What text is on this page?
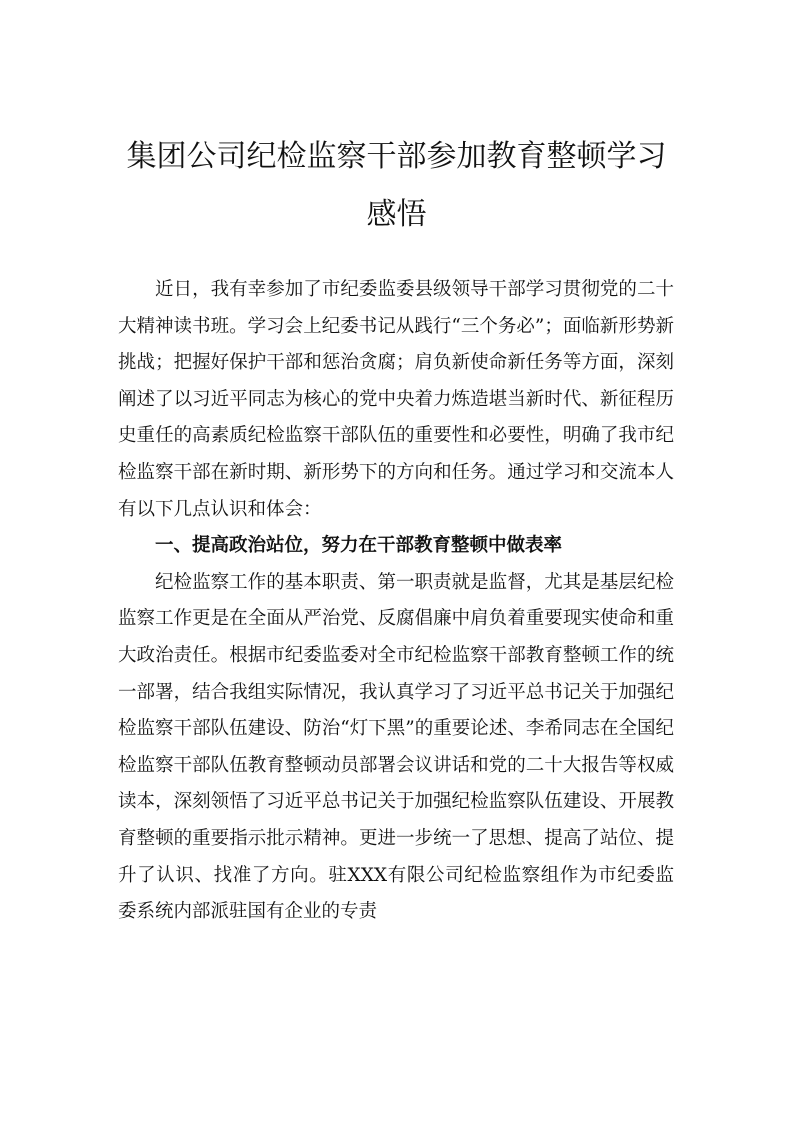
集团公司纪检监察干部参加教育整顿学习
感悟

近日，我有幸参加了市纪委监委县级领导干部学习贯彻党的二十大精神读书班。学习会上纪委书记从践行“三个务必”；面临新形势新挑战；把握好保护干部和惩治贪腐；肩负新使命新任务等方面，深刻阐述了以习近平同志为核心的党中央着力炼造堪当新时代、新征程历史重任的高素质纪检监察干部队伍的重要性和必要性，明确了我市纪检监察干部在新时期、新形势下的方向和任务。通过学习和交流本人有以下几点认识和体会：

一、提高政治站位，努力在干部教育整顿中做表率

纪检监察工作的基本职责、第一职责就是监督，尤其是基层纪检监察工作更是在全面从严治党、反腐倡廉中肩负着重要现实使命和重大政治责任。根据市纪委监委对全市纪检监察干部教育整顿工作的统一部署，结合我组实际情况，我认真学习了习近平总书记关于加强纪检监察干部队伍建设、防治“灯下黑”的重要论述、李希同志在全国纪检监察干部队伍教育整顿动员部署会议讲话和党的二十大报告等权威读本，深刻领悟了习近平总书记关于加强纪检监察队伍建设、开展教育整顿的重要指示批示精神。更进一步统一了思想、提高了站位、提升了认识、找准了方向。驻XXX有限公司纪检监察组作为市纪委监委系统内部派驻国有企业的专责
